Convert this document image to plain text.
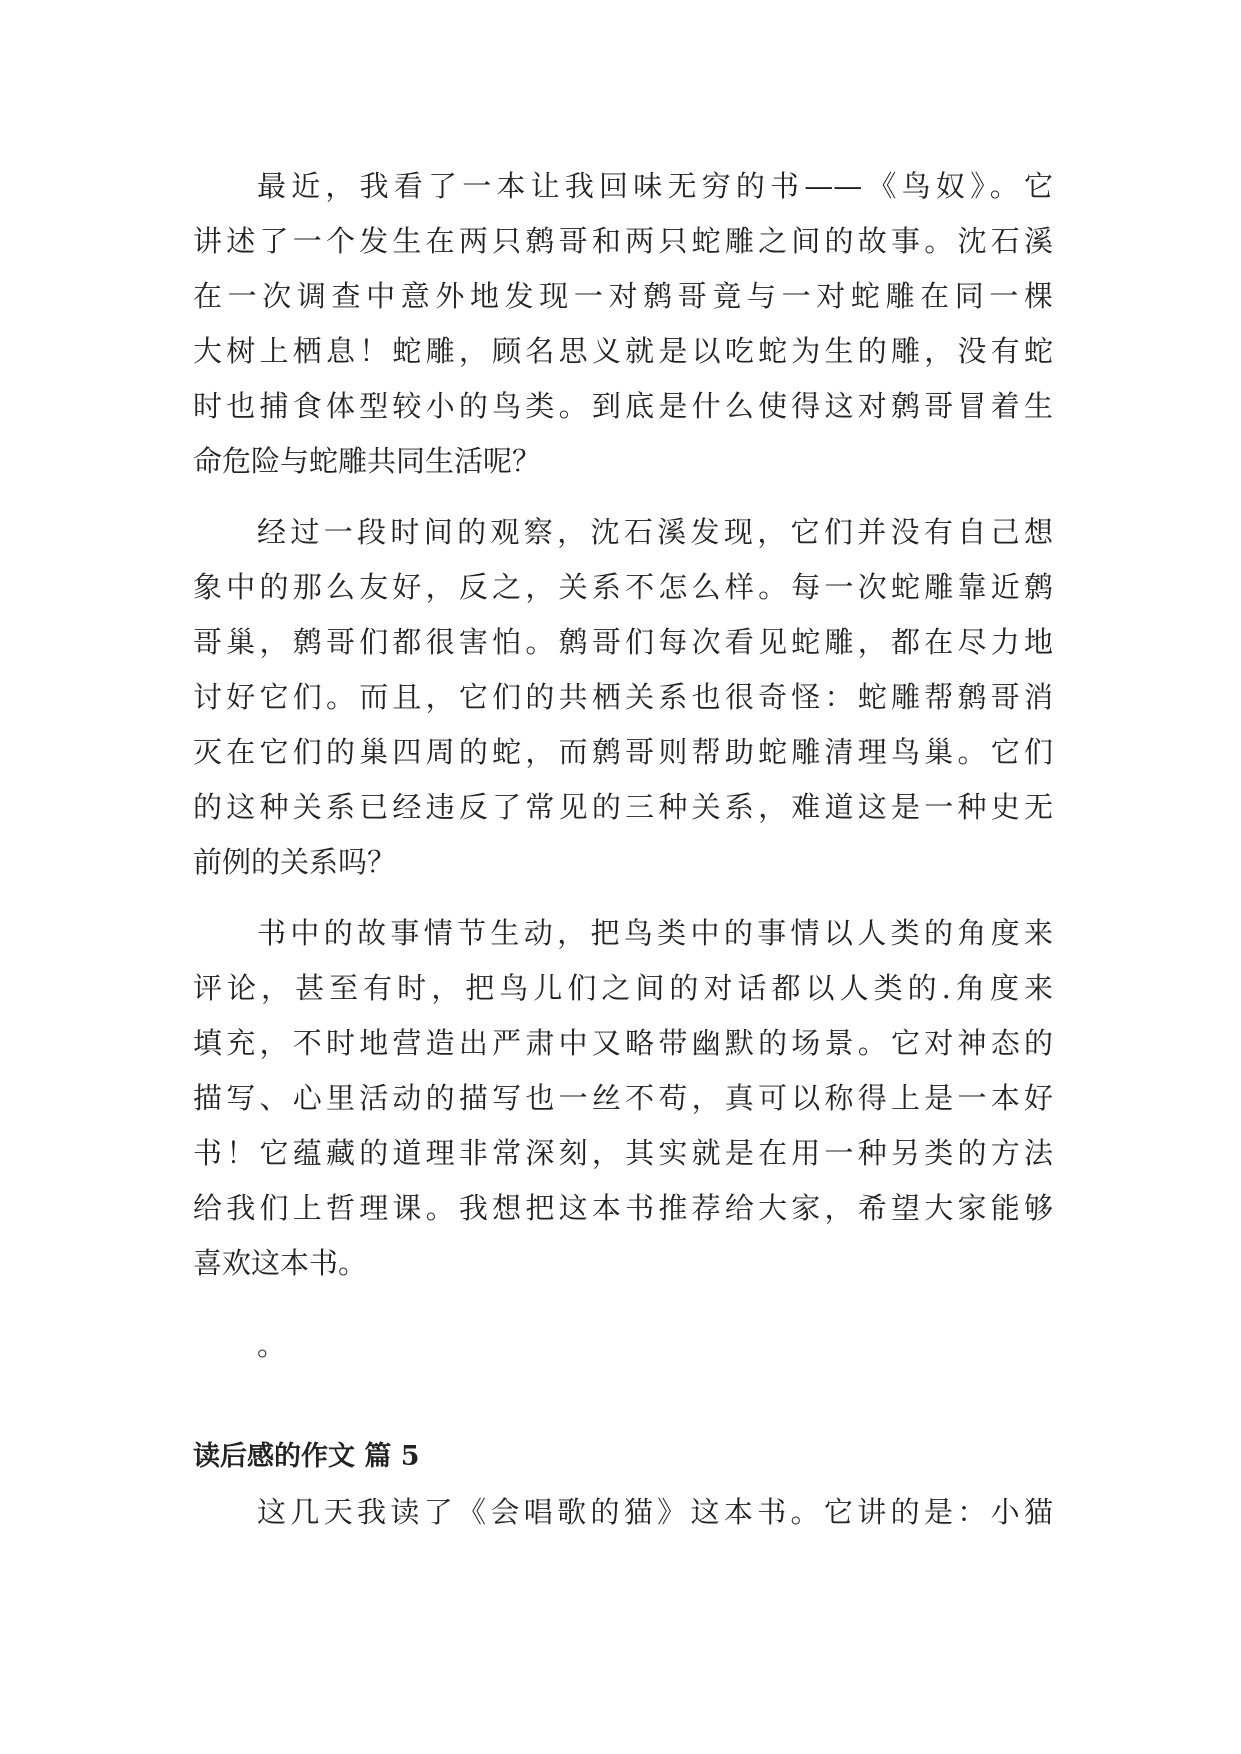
最近，我看了一本让我回味无穷的书——《鸟奴》。它

讲述了一个发生在两只鹩哥和两只蛇雕之间的故事。沈石溪

在一次调查中意外地发现一对鹩哥竟与一对蛇雕在同一棵

大树上栖息！蛇雕，顾名思义就是以吃蛇为生的雕，没有蛇

时也捕食体型较小的鸟类。到底是什么使得这对鹩哥冒着生

命危险与蛇雕共同生活呢？

经过一段时间的观察，沈石溪发现，它们并没有自己想

象中的那么友好，反之，关系不怎么样。每一次蛇雕靠近鹩

哥巢，鹩哥们都很害怕。鹩哥们每次看见蛇雕，都在尽力地

讨好它们。而且，它们的共栖关系也很奇怪：蛇雕帮鹩哥消

灭在它们的巢四周的蛇，而鹩哥则帮助蛇雕清理鸟巢。它们

的这种关系已经违反了常见的三种关系，难道这是一种史无

前例的关系吗？

书中的故事情节生动，把鸟类中的事情以人类的角度来

评论，甚至有时，把鸟儿们之间的对话都以人类的.角度来

填充，不时地营造出严肃中又略带幽默的场景。它对神态的

描写、心里活动的描写也一丝不苟，真可以称得上是一本好

书！它蕴藏的道理非常深刻，其实就是在用一种另类的方法

给我们上哲理课。我想把这本书推荐给大家，希望大家能够

喜欢这本书。

。
读后感的作文 篇 5

这几天我读了《会唱歌的猫》这本书。它讲的是：小猫
